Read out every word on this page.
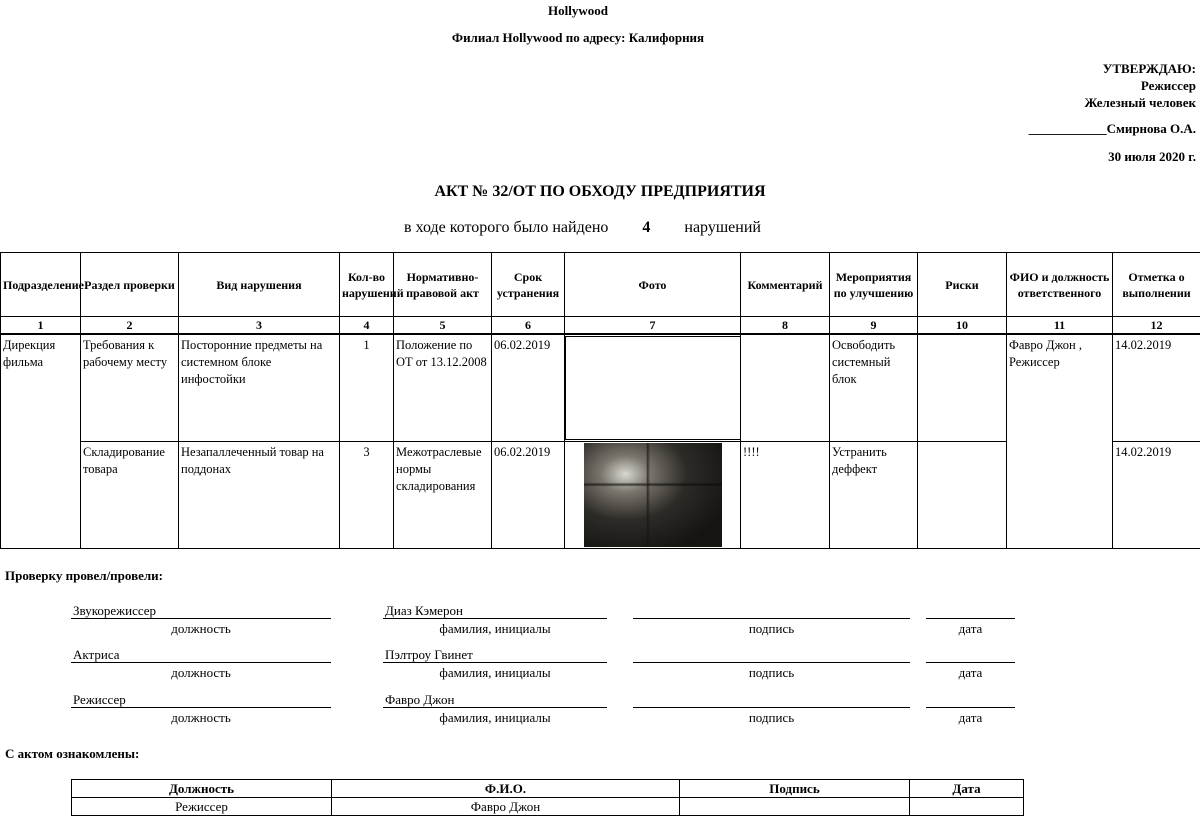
Hollywood
Филиал Hollywood по адресу: Калифорния
УТВЕРЖДАЮ:
Режиссер
Железный человек
____________Смирнова О.А.
30 июля 2020 г.
АКТ № 32/ОТ ПО ОБХОДУ ПРЕДПРИЯТИЯ
в ходе которого было найдено 4 нарушений
Подразделение	Раздел проверки	Вид нарушения	Кол-во нарушений	Нормативно-правовой акт	Срок устранения	Фото	Комментарий	Мероприятия по улучшению	Риски	ФИО и должность ответственного	Отметка о выполнении
1	2	3	4	5	6	7	8	9	10	11	12
Дирекция фильма	Требования к рабочему месту	Посторонние предметы на системном блоке инфостойки	1	Положение по ОТ от 13.12.2008	06.02.2019			Освободить системный блок		Фавро Джон , Режиссер	14.02.2019
	Складирование товара	Незапаллеченный товар на поддонах	3	Межотраслевые нормы складирования	06.02.2019		!!!!	Устранить деффект			14.02.2019
Проверку провел/провели:
Звукорежиссер	Диаз Кэмерон
должность	фамилия, инициалы	подпись	дата
Актриса	Пэлтроу Гвинет
должность	фамилия, инициалы	подпись	дата
Режиссер	Фавро Джон
должность	фамилия, инициалы	подпись	дата
С актом ознакомлены:
Должность	Ф.И.О.	Подпись	Дата
Режиссер	Фавро Джон		
